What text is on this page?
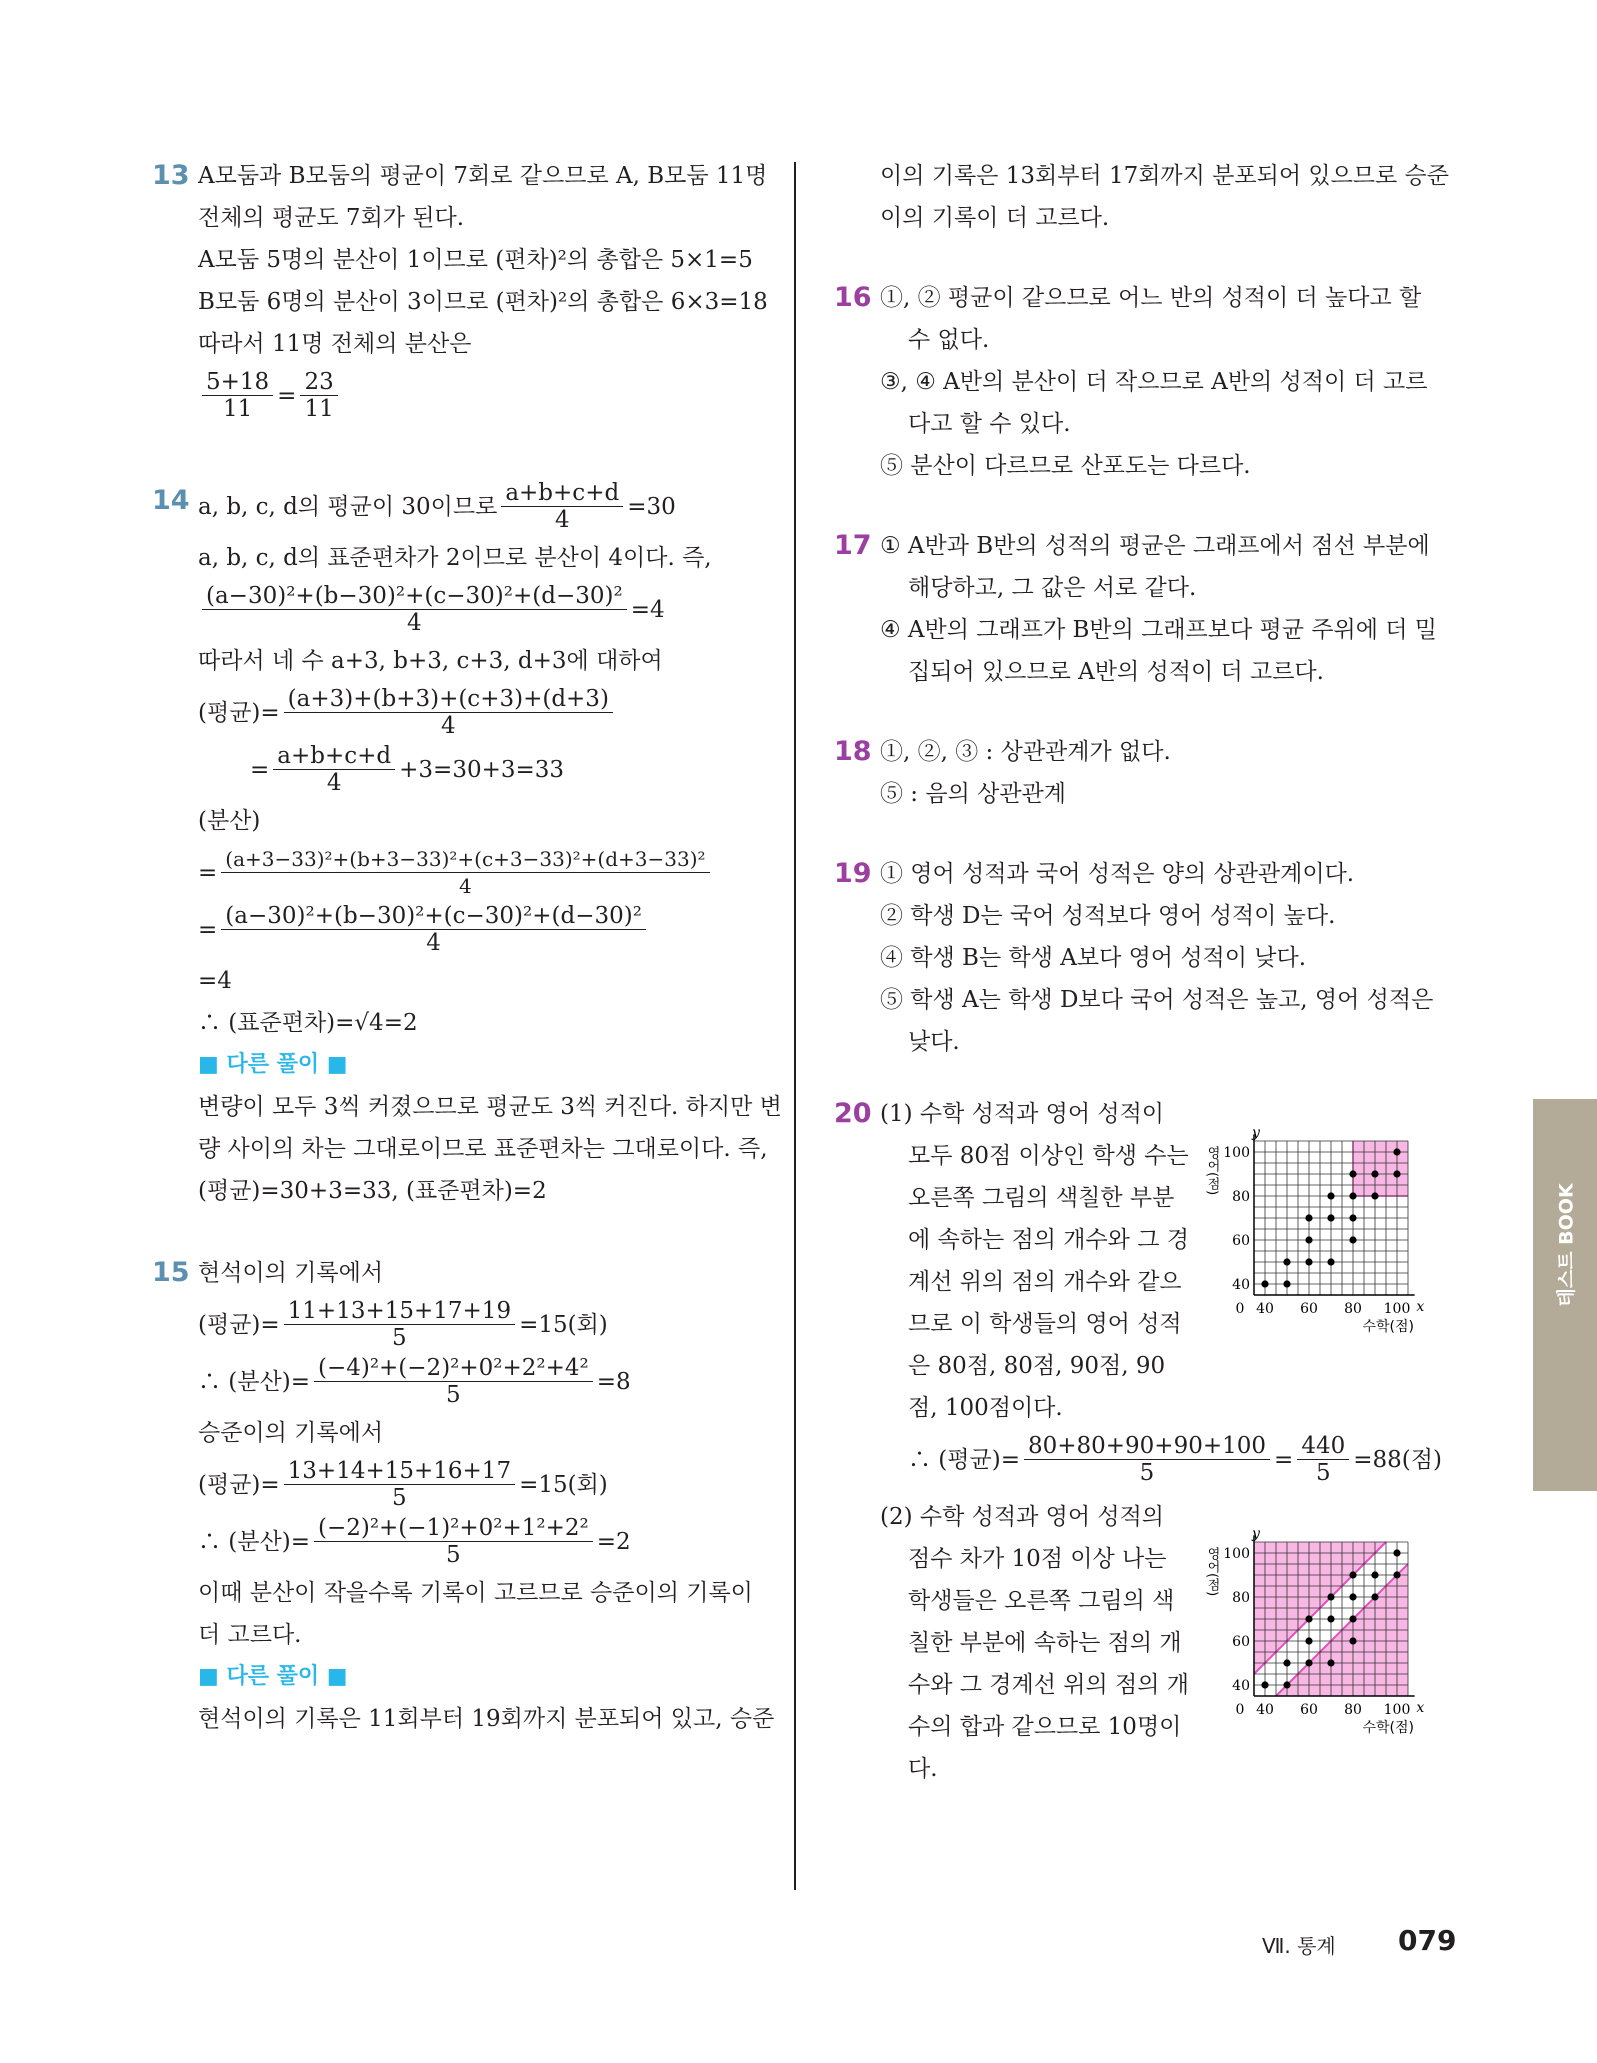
13 A모둠과 B모둠의 평균이 7회로 같으므로 A, B모둠 11명
전체의 평균도 7회가 된다.
A모둠 5명의 분산이 1이므로 (편차)²의 총합은 5×1=5
B모둠 6명의 분산이 3이므로 (편차)²의 총합은 6×3=18
따라서 11명 전체의 분산은
$\frac{5+18}{11} = \frac{23}{11}$
14 a, b, c, d의 평균이 30이므로 $\frac{a+b+c+d}{4} =30$
a, b, c, d의 표준편차가 2이므로 분산이 4이다. 즉,
$\frac{\text{(a−30)²+(b−30)²+(c−30)²+(d−30)²}}{4} =4$
따라서 네 수 a+3, b+3, c+3, d+3에 대하여
(평균)= $\frac{(a+3)+(b+3)+(c+3)+(d+3)}{4}$
= $\frac{a+b+c+d}{4} +3=30+3=33$
(분산)
= $\frac{\text{(a+3−33)²+(b+3−33)²+(c+3−33)²+(d+3−33)²}}{4}$
= $\frac{\text{(a−30)²+(b−30)²+(c−30)²+(d−30)²}}{4}$
=4
∴ (표준편차)=√4=2
■ 다른 풀이 ■
변량이 모두 3씩 커졌으므로 평균도 3씩 커진다. 하지만 변
량 사이의 차는 그대로이므로 표준편차는 그대로이다. 즉,
(평균)=30+3=33, (표준편차)=2
15 현석이의 기록에서
(평균)= $\frac{11+13+15+17+19}{5} =15$(회)
∴ (분산)= $\frac{\text{(−4)²+(−2)²+0²+2²+4²}}{5} =8$
승준이의 기록에서
(평균)= $\frac{13+14+15+16+17}{5} =15$(회)
∴ (분산)= $\frac{\text{(−2)²+(−1)²+0²+1²+2²}}{5} =2$
이때 분산이 작을수록 기록이 고르므로 승준이의 기록이
더 고르다.
■ 다른 풀이 ■
현석이의 기록은 11회부터 19회까지 분포되어 있고, 승준
이의 기록은 13회부터 17회까지 분포되어 있으므로 승준
이의 기록이 더 고르다.
16 ①, ② 평균이 같으므로 어느 반의 성적이 더 높다고 할 수 없다.
③, ④ A반의 분산이 더 작으므로 A반의 성적이 더 고르다고 할 수 있다.
⑤ 분산이 다르므로 산포도는 다르다.
17 ① A반과 B반의 성적의 평균은 그래프에서 점선 부분에 해당하고, 그 값은 서로 같다.
④ A반의 그래프가 B반의 그래프보다 평균 주위에 더 밀집되어 있으므로 A반의 성적이 더 고르다.
18 ①, ②, ③ : 상관관계가 없다.
⑤ : 음의 상관관계
19 ① 영어 성적과 국어 성적은 양의 상관관계이다.
② 학생 D는 국어 성적보다 영어 성적이 높다.
④ 학생 B는 학생 A보다 영어 성적이 낮다.
⑤ 학생 A는 학생 D보다 국어 성적은 높고, 영어 성적은 낮다.
20
40 60 80 100
40
60
80
100
0	x
y
수학(점)
영어(점)
(1) 수학 성적과 영어 성적이 모두 80점 이상인 학생 수는 오른쪽 그림의 색칠한 부분에 속하는 점의 개수와 그 경계선 위의 점의 개수와 같으므로 이 학생들의 영어 성적은 80점, 80점, 90점, 90점, 100점이다.
∴ (평균)= $\frac{80+80+90+90+100}{5} = \frac{440}{5} =88$(점)
40 60 80 100
40
60
80
100
0	x
y
수학(점)
영어(점)
(2) 수학 성적과 영어 성적의 점수 차가 10점 이상 나는 학생들은 오른쪽 그림의 색칠한 부분에 속하는 점의 개수와 그 경계선 위의 점의 개수의 합과 같으므로 10명이다.
테스트 BOOK
Ⅶ. 통계 079
